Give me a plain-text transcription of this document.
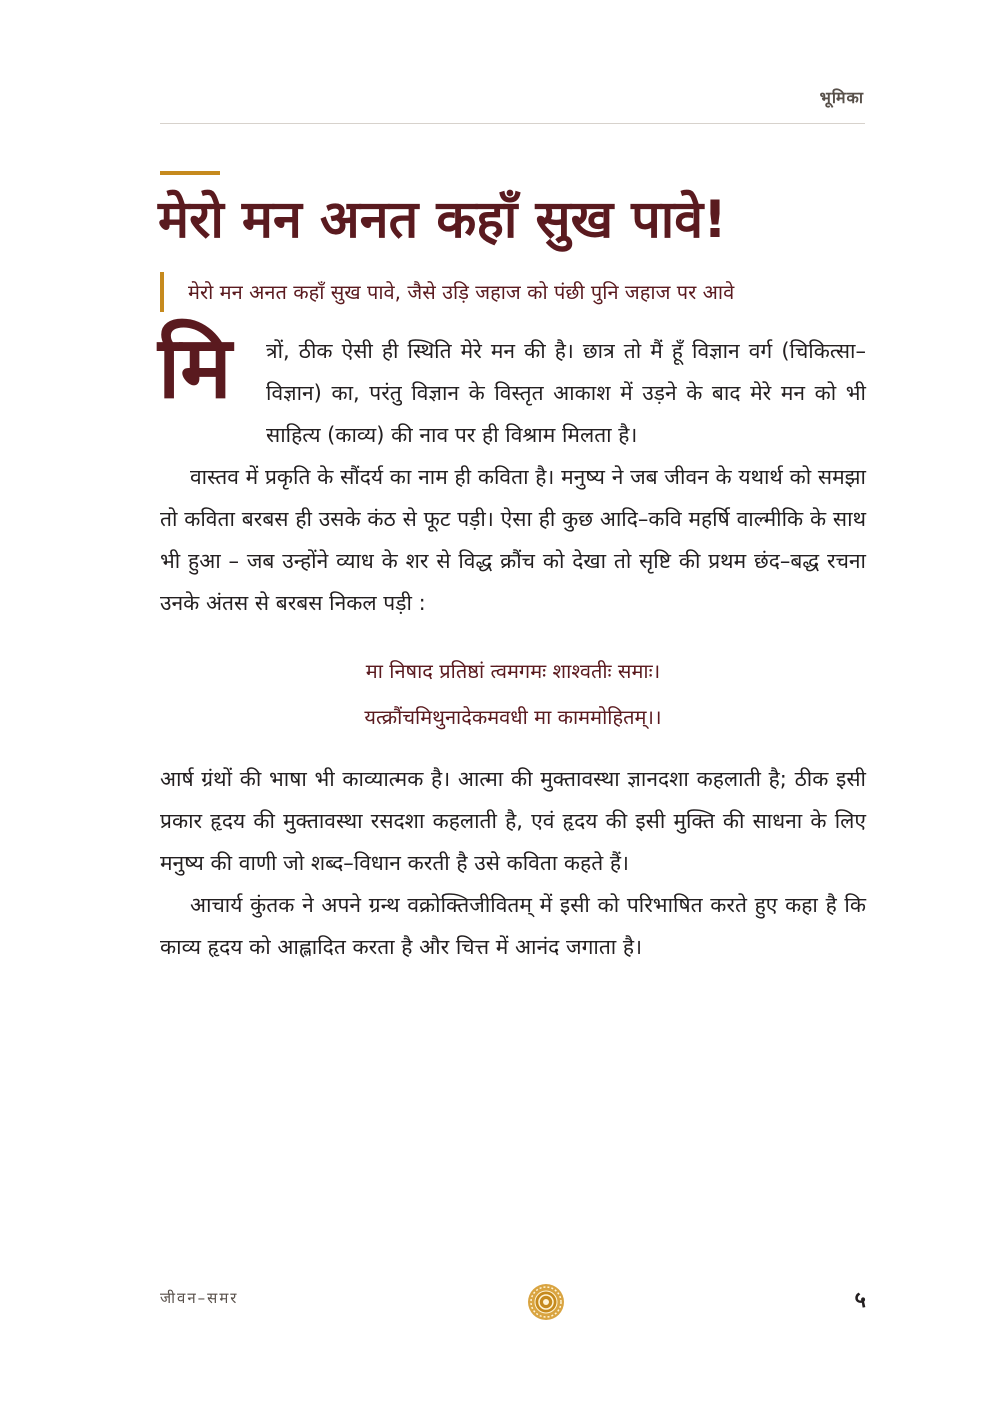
भूमिका
मेरो मन अनत कहाँ सुख पावे!
मेरो मन अनत कहाँ सुख पावे, जैसे उड़ि जहाज को पंछी पुनि जहाज पर आवे
मि	त्रों, ठीक ऐसी ही स्थिति मेरे मन की है। छात्र तो मैं हूँ विज्ञान वर्ग (चिकित्सा–विज्ञान) का, परंतु विज्ञान के विस्तृत आकाश में उड़ने के बाद मेरे मन को भी साहित्य (काव्य) की नाव पर ही विश्राम मिलता है।

वास्तव में प्रकृति के सौंदर्य का नाम ही कविता है। मनुष्य ने जब जीवन के यथार्थ को समझा तो कविता बरबस ही उसके कंठ से फूट पड़ी। ऐसा ही कुछ आदि–कवि महर्षि वाल्मीकि के साथ भी हुआ – जब उन्होंने व्याध के शर से विद्ध क्रौंच को देखा तो सृष्टि की प्रथम छंद–बद्ध रचना उनके अंतस से बरबस निकल पड़ी :

मा निषाद प्रतिष्ठां त्वमगमः शाश्वतीः समाः।

यत्क्रौंचमिथुनादेकमवधी मा काममोहितम्।।

आर्ष ग्रंथों की भाषा भी काव्यात्मक है। आत्मा की मुक्तावस्था ज्ञानदशा कहलाती है; ठीक इसी प्रकार हृदय की मुक्तावस्था रसदशा कहलाती है, एवं हृदय की इसी मुक्ति की साधना के लिए मनुष्य की वाणी जो शब्द–विधान करती है उसे कविता कहते हैं।

आचार्य कुंतक ने अपने ग्रन्थ वक्रोक्तिजीवितम् में इसी को परिभाषित करते हुए कहा है कि काव्य हृदय को आह्लादित करता है और चित्त में आनंद जगाता है।

जीवन–समर	५
